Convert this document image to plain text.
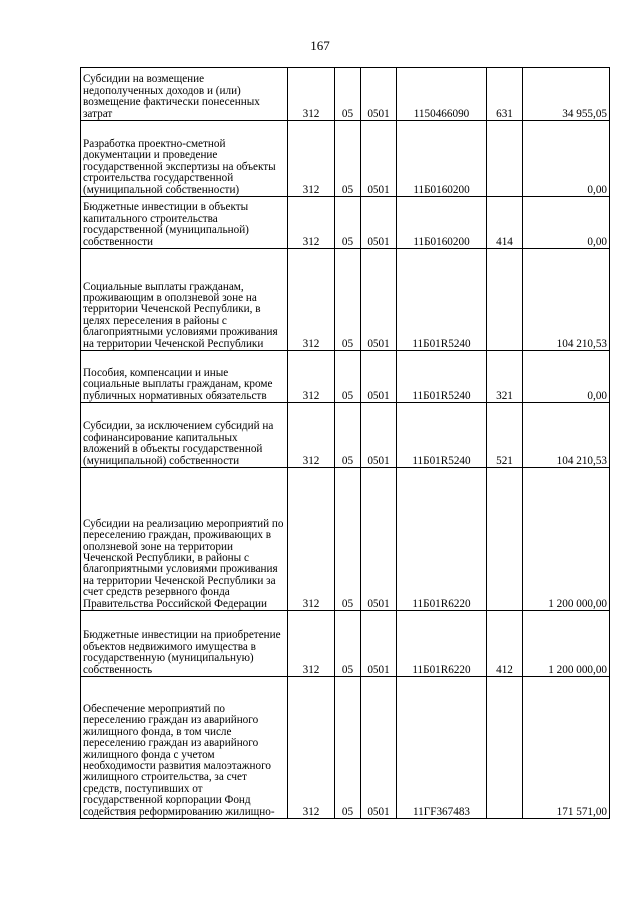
167
Субсидии на возмещение недополученных доходов и (или) возмещение фактически понесенных затрат	312	05	0501	1150466090	631	34 955,05
Разработка проектно-сметной документации и проведение государственной экспертизы на объекты строительства государственной (муниципальной собственности)	312	05	0501	11Б0160200		0,00
Бюджетные инвестиции в объекты капитального строительства государственной (муниципальной) собственности	312	05	0501	11Б0160200	414	0,00
Социальные выплаты гражданам, проживающим в оползневой зоне на территории Чеченской Республики, в целях переселения в районы с благоприятными условиями проживания на территории Чеченской Республики	312	05	0501	11Б01R5240		104 210,53
Пособия, компенсации и иные социальные выплаты гражданам, кроме публичных нормативных обязательств	312	05	0501	11Б01R5240	321	0,00
Субсидии, за исключением субсидий на софинансирование капитальных вложений в объекты государственной (муниципальной) собственности	312	05	0501	11Б01R5240	521	104 210,53
Субсидии на реализацию мероприятий по переселению граждан, проживающих в оползневой зоне на территории Чеченской Республики, в районы с благоприятными условиями проживания на территории Чеченской Республики за счет средств резервного фонда Правительства Российской Федерации	312	05	0501	11Б01R6220		1 200 000,00
Бюджетные инвестиции на приобретение объектов недвижимого имущества в государственную (муниципальную) собственность	312	05	0501	11Б01R6220	412	1 200 000,00
Обеспечение мероприятий по переселению граждан из аварийного жилищного фонда, в том числе переселению граждан из аварийного жилищного фонда с учетом необходимости развития малоэтажного жилищного строительства, за счет средств, поступивших от государственной корпорации Фонд содействия реформированию жилищно-	312	05	0501	11ГF367483		171 571,00
